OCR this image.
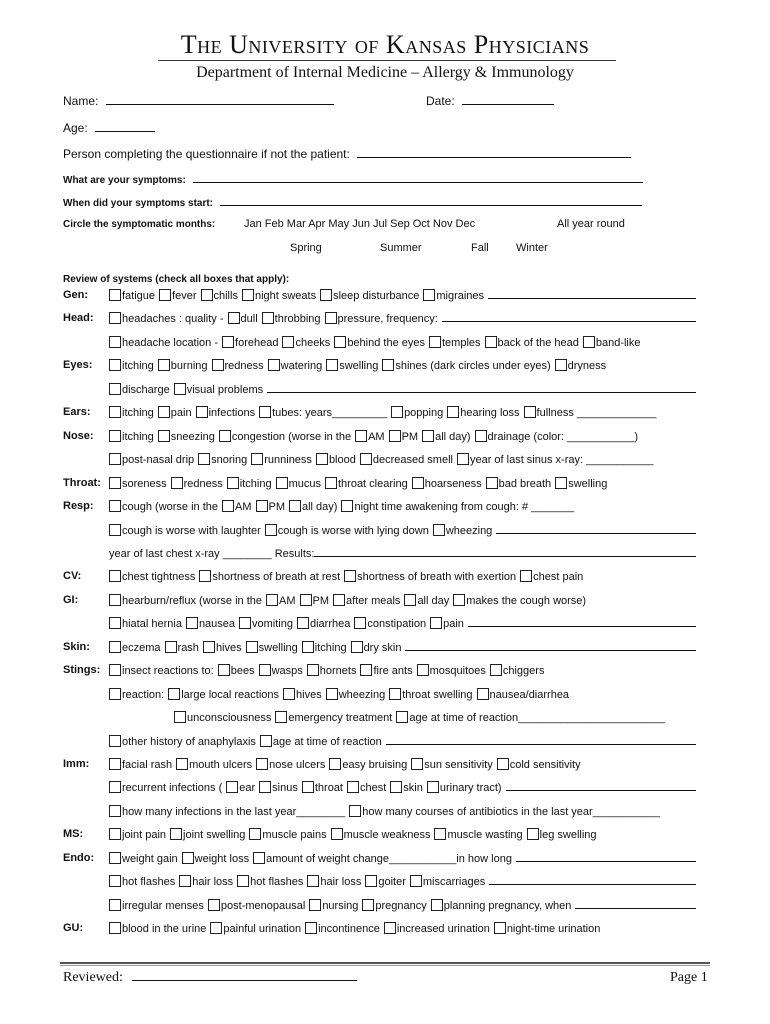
The University of Kansas Physicians
Department of Internal Medicine – Allergy & Immunology
Name:	Date:
Age:
Person completing the questionnaire if not the patient:
What are your symptoms:
When did your symptoms start:
Circle the symptomatic months:	Jan Feb Mar Apr May Jun Jul Sep Oct Nov Dec	All year round
Spring	Summer	Fall Winter
Review of systems (check all boxes that apply):
Gen:	fatigue fever chills night sweats sleep disturbance migraines
Head:	headaches : quality - dull throbbing pressure, frequency:
headache location - forehead cheeks behind the eyes temples back of the head band-like
Eyes:	itching burning redness watering swelling shines (dark circles under eyes) dryness
discharge visual problems
Ears:	itching pain infections tubes: years_________ popping hearing loss fullness _____________
Nose:	itching sneezing congestion (worse in the AM PM all day) drainage (color: ___________)
post-nasal drip snoring runniness blood decreased smell year of last sinus x-ray: ___________
Throat:	soreness redness itching mucus throat clearing hoarseness bad breath swelling
Resp:	cough (worse in the AM PM all day) night time awakening from cough: # _______
cough is worse with laughter cough is worse with lying down wheezing
year of last chest x-ray ________ Results:
CV:	chest tightness shortness of breath at rest shortness of breath with exertion chest pain
GI:	hearburn/reflux (worse in the AM PM after meals all day makes the cough worse)
hiatal hernia nausea vomiting diarrhea constipation pain
Skin:	eczema rash hives swelling itching dry skin
Stings:	insect reactions to: bees wasps hornets fire ants mosquitoes chiggers
reaction: large local reactions hives wheezing throat swelling nausea/diarrhea
unconsciousness emergency treatment age at time of reaction________________________
other history of anaphylaxis age at time of reaction
Imm:	facial rash mouth ulcers nose ulcers easy bruising sun sensitivity cold sensitivity
recurrent infections ( ear sinus throat chest skin urinary tract)
how many infections in the last year________ how many courses of antibiotics in the last year___________
MS:	joint pain joint swelling muscle pains muscle weakness muscle wasting leg swelling
Endo:	weight gain weight loss amount of weight change___________in how long
hot flashes hair loss hot flashes hair loss goiter miscarriages
irregular menses post-menopausal nursing pregnancy planning pregnancy, when
GU:	blood in the urine painful urination incontinence increased urination night-time urination
Reviewed:	Page 1
